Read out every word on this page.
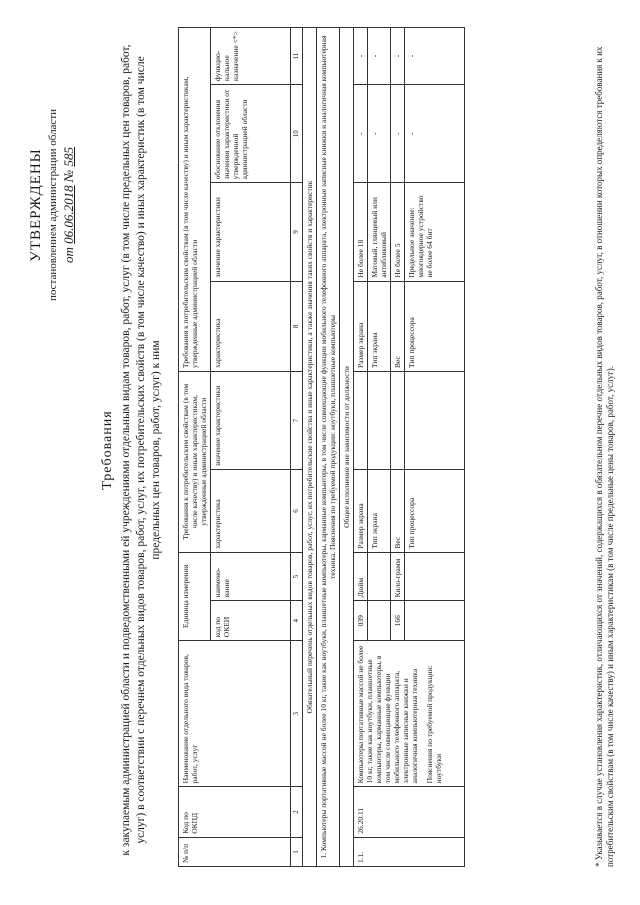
УТВЕРЖДЕНЫ постановлением администрации области от 06.06.2018 № 585
Требования к закупаемым администрацией области и подведомственными ей учреждениями отдельным видам товаров, работ, услуг (в том числе предельных цен товаров, работ, услуг) в соответствии с перечнем отдельных видов товаров, работ, услуг, их потребительских свойств (в том числе качество) и иных характеристик (в том числе предельных цен товаров, работ, услуг) к ним
№ п/п	Код по ОКПД	Наименование отдельного вида товаров, работ, услуг	Единица измерения		Требования к потребительским свойствам (в том числе качеству) и иным характеристикам, утвержденные администрацией области		Требования к потребительским свойствам (в том числе качеству) и иным характеристикам, утвержденные администрацией области			
			код по ОКЕИ	наимено-вание	характеристика	значение характеристики	характеристика	значение характеристики	обоснование отклонения значения характеристики от утвержденной администрацией области	функцио-нальное назначение <*>
1	2	3	4	5	6	7	8	9	10	11
Обязательный перечень отдельных видов товаров, работ, услуг, их потребительские свойства и иные характеристики, а также значения таких свойств и характеристик										
1. Компьютеры портативные массой не более 10 кг, такие как ноутбуки, планшетные компьютеры, карманные компьютеры, в том числе совмещающие функции мобильного телефонного аппарата, электронные записные книжки и аналогичная компьютерная техника. Пояснения по требуемой продукции: ноутбуки, планшетные компьютеры										
Общее исполнение вне зависимости от должности										
1.1.	26.20.11	Компьютеры портативные массой не более 10 кг, такие как ноутбуки, планшетные компьютеры, карманные компьютеры, в том числе совмещающие функции мобильного телефонного аппарата, электронные записные книжки и аналогичная компьютерная техника Пояснения по требуемой продукции: ноутбуки	039	Дюйм	Размер экрана		Размер экрана	Не более 18	-	-
					Тип экрана		Тип экрана	Матовый, глянцевый или антибликовый	-	-
			166	Кило-грамм	Вес		Вес	Не более 5	-	-
					Тип процессора		Тип процессора	Предельное значение: многоядерное устройство не более 64 бит	-	-	* Указывается в случае установления характеристик, отличающихся от значений, содержащихся в обязательном перечне отдельных видов товаров, работ, услуг, в отношении которых определяются требования к их потребительским свойствам (в том числе качеству) и иным характеристикам (в том числе предельные цены товаров, работ, услуг).
